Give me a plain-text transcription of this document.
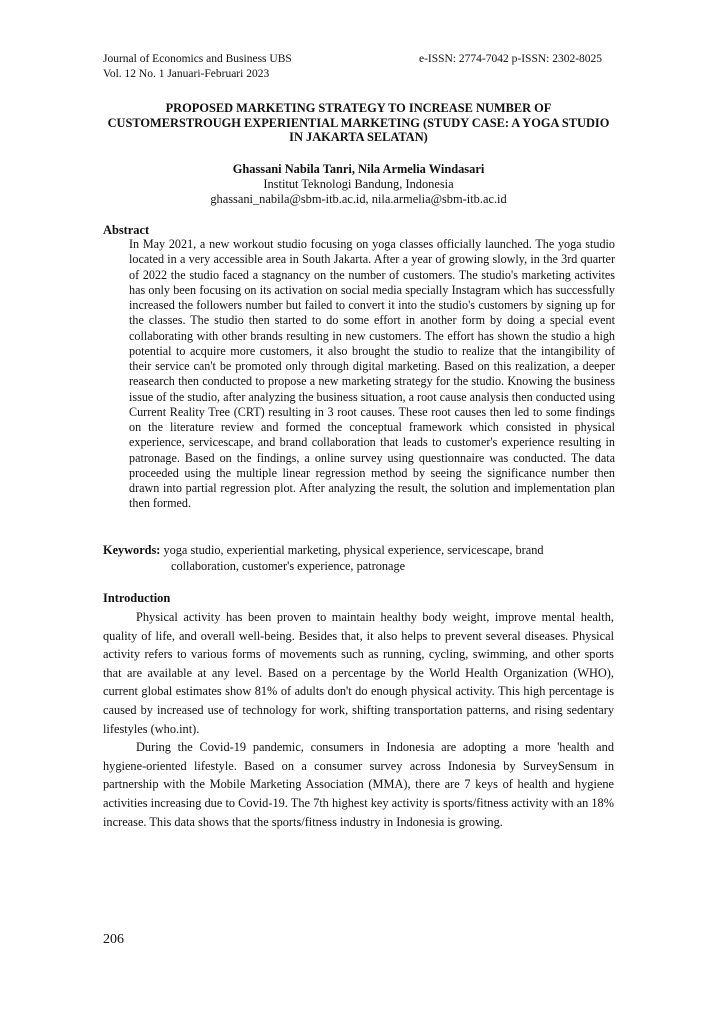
Journal of Economics and Business UBS
Vol. 12 No. 1 Januari-Februari 2023
e-ISSN: 2774-7042 p-ISSN: 2302-8025
PROPOSED MARKETING STRATEGY TO INCREASE NUMBER OF CUSTOMERSTROUGH EXPERIENTIAL MARKETING (STUDY CASE: A YOGA STUDIO IN JAKARTA SELATAN)
Ghassani Nabila Tanri, Nila Armelia Windasari
Institut Teknologi Bandung, Indonesia
ghassani_nabila@sbm-itb.ac.id, nila.armelia@sbm-itb.ac.id
Abstract
In May 2021, a new workout studio focusing on yoga classes officially launched. The yoga studio located in a very accessible area in South Jakarta. After a year of growing slowly, in the 3rd quarter of 2022 the studio faced a stagnancy on the number of customers. The studio's marketing activites has only been focusing on its activation on social media specially Instagram which has successfully increased the followers number but failed to convert it into the studio's customers by signing up for the classes. The studio then started to do some effort in another form by doing a special event collaborating with other brands resulting in new customers. The effort has shown the studio a high potential to acquire more customers, it also brought the studio to realize that the intangibility of their service can't be promoted only through digital marketing. Based on this realization, a deeper reasearch then conducted to propose a new marketing strategy for the studio. Knowing the business issue of the studio, after analyzing the business situation, a root cause analysis then conducted using Current Reality Tree (CRT) resulting in 3 root causes. These root causes then led to some findings on the literature review and formed the conceptual framework which consisted in physical experience, servicescape, and brand collaboration that leads to customer's experience resulting in patronage. Based on the findings, a online survey using questionnaire was conducted. The data proceeded using the multiple linear regression method by seeing the significance number then drawn into partial regression plot. After analyzing the result, the solution and implementation plan then formed.
Keywords: yoga studio, experiential marketing, physical experience, servicescape, brand
collaboration, customer's experience, patronage
Introduction

Physical activity has been proven to maintain healthy body weight, improve mental health, quality of life, and overall well-being. Besides that, it also helps to prevent several diseases. Physical activity refers to various forms of movements such as running, cycling, swimming, and other sports that are available at any level. Based on a percentage by the World Health Organization (WHO), current global estimates show 81% of adults don't do enough physical activity. This high percentage is caused by increased use of technology for work, shifting transportation patterns, and rising sedentary lifestyles (who.int).

During the Covid-19 pandemic, consumers in Indonesia are adopting a more 'health and hygiene-oriented lifestyle. Based on a consumer survey across Indonesia by SurveySensum in partnership with the Mobile Marketing Association (MMA), there are 7 keys of health and hygiene activities increasing due to Covid-19. The 7th highest key activity is sports/fitness activity with an 18% increase. This data shows that the sports/fitness industry in Indonesia is growing.

206
